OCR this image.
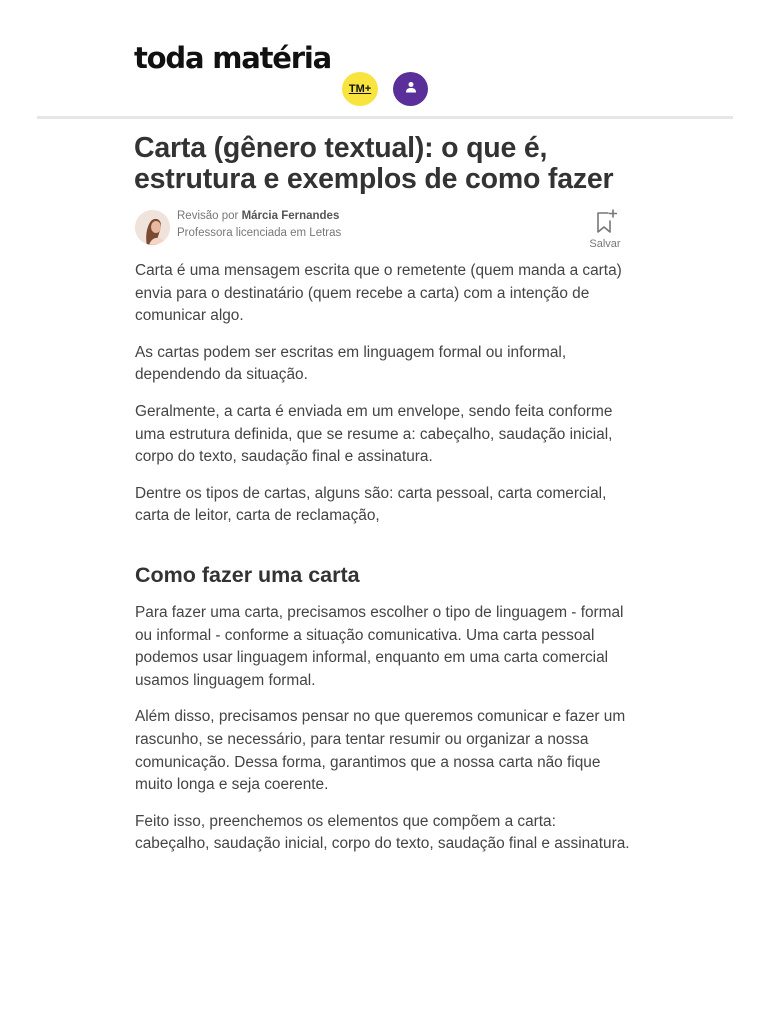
toda matéria
TM+
Carta (gênero textual): o que é, estrutura e exemplos de como fazer
Revisão por Márcia Fernandes
Professora licenciada em Letras
Salvar

Carta é uma mensagem escrita que o remetente (quem manda a carta) envia para o destinatário (quem recebe a carta) com a intenção de comunicar algo.

As cartas podem ser escritas em linguagem formal ou informal, dependendo da situação.

Geralmente, a carta é enviada em um envelope, sendo feita conforme uma estrutura definida, que se resume a: cabeçalho, saudação inicial, corpo do texto, saudação final e assinatura.

Dentre os tipos de cartas, alguns são: carta pessoal, carta comercial, carta de leitor, carta de reclamação,

Como fazer uma carta

Para fazer uma carta, precisamos escolher o tipo de linguagem - formal ou informal - conforme a situação comunicativa. Uma carta pessoal podemos usar linguagem informal, enquanto em uma carta comercial usamos linguagem formal.

Além disso, precisamos pensar no que queremos comunicar e fazer um rascunho, se necessário, para tentar resumir ou organizar a nossa comunicação. Dessa forma, garantimos que a nossa carta não fique muito longa e seja coerente.

Feito isso, preenchemos os elementos que compõem a carta: cabeçalho, saudação inicial, corpo do texto, saudação final e assinatura.
